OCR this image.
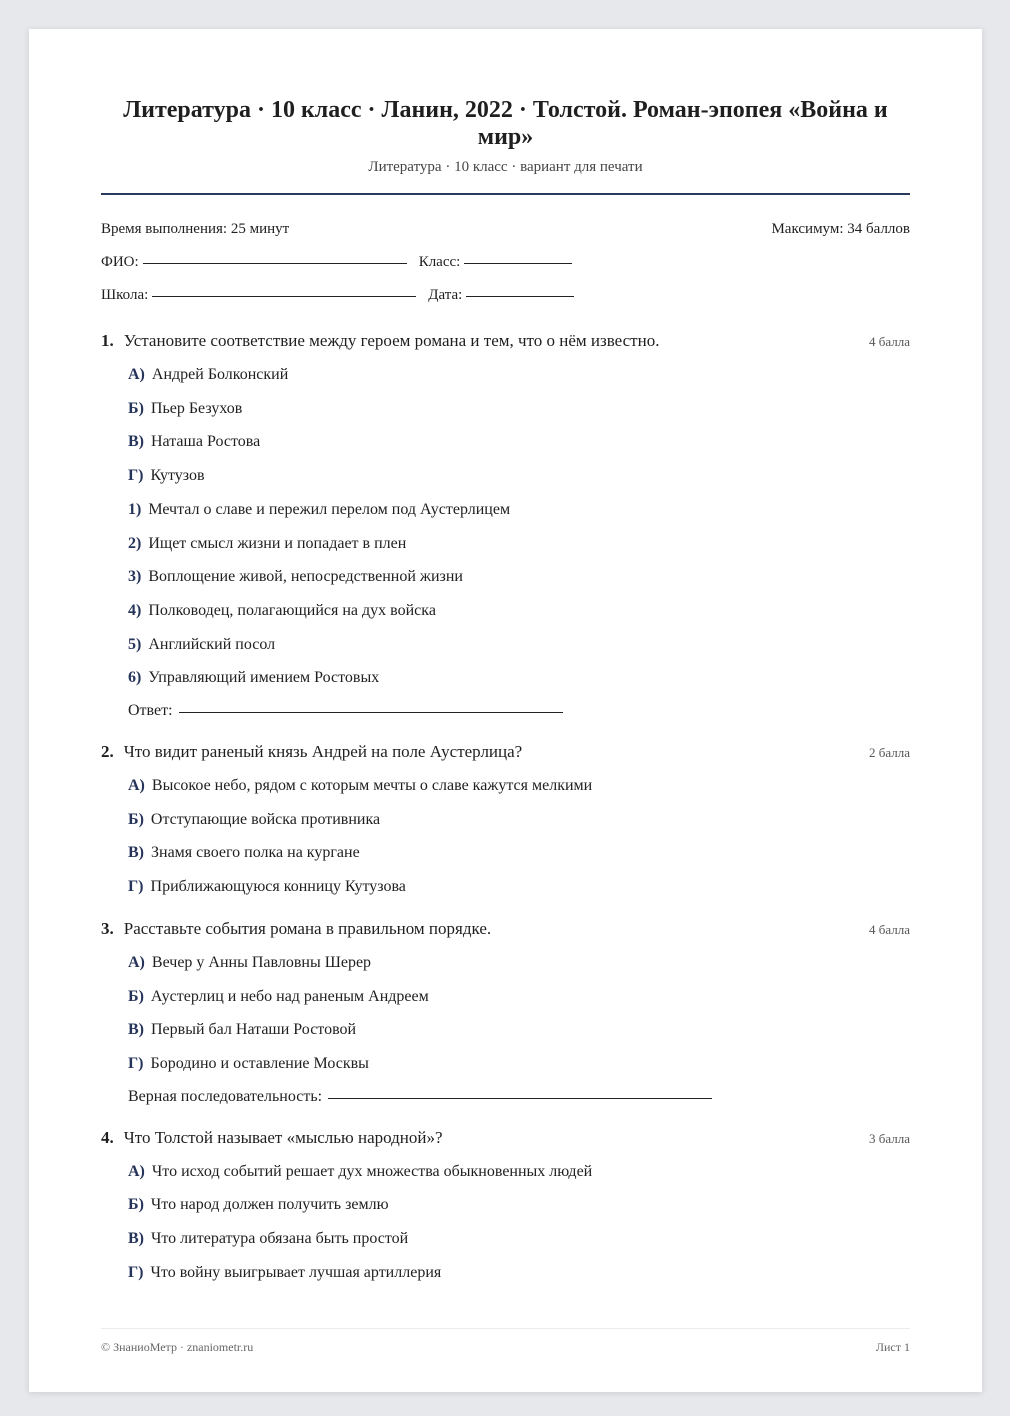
Литература · 10 класс · Ланин, 2022 · Толстой. Роман-эпопея «Война и мир»
Литература · 10 класс · вариант для печати
Время выполнения: 25 минут	Максимум: 34 баллов
ФИО:	Класс:
Школа:	Дата:
1. Установите соответствие между героем романа и тем, что о нём известно.	4 балла
А) Андрей Болконский
Б) Пьер Безухов
В) Наташа Ростова
Г) Кутузов
1) Мечтал о славе и пережил перелом под Аустерлицем
2) Ищет смысл жизни и попадает в плен
3) Воплощение живой, непосредственной жизни
4) Полководец, полагающийся на дух войска
5) Английский посол
6) Управляющий имением Ростовых
Ответ:
2. Что видит раненый князь Андрей на поле Аустерлица?	2 балла
А) Высокое небо, рядом с которым мечты о славе кажутся мелкими
Б) Отступающие войска противника
В) Знамя своего полка на кургане
Г) Приближающуюся конницу Кутузова
3. Расставьте события романа в правильном порядке.	4 балла
А) Вечер у Анны Павловны Шерер
Б) Аустерлиц и небо над раненым Андреем
В) Первый бал Наташи Ростовой
Г) Бородино и оставление Москвы
Верная последовательность:
4. Что Толстой называет «мыслью народной»?	3 балла
А) Что исход событий решает дух множества обыкновенных людей
Б) Что народ должен получить землю
В) Что литература обязана быть простой
Г) Что войну выигрывает лучшая артиллерия
© ЗнаниоМетр · znaniometr.ru	Лист 1
